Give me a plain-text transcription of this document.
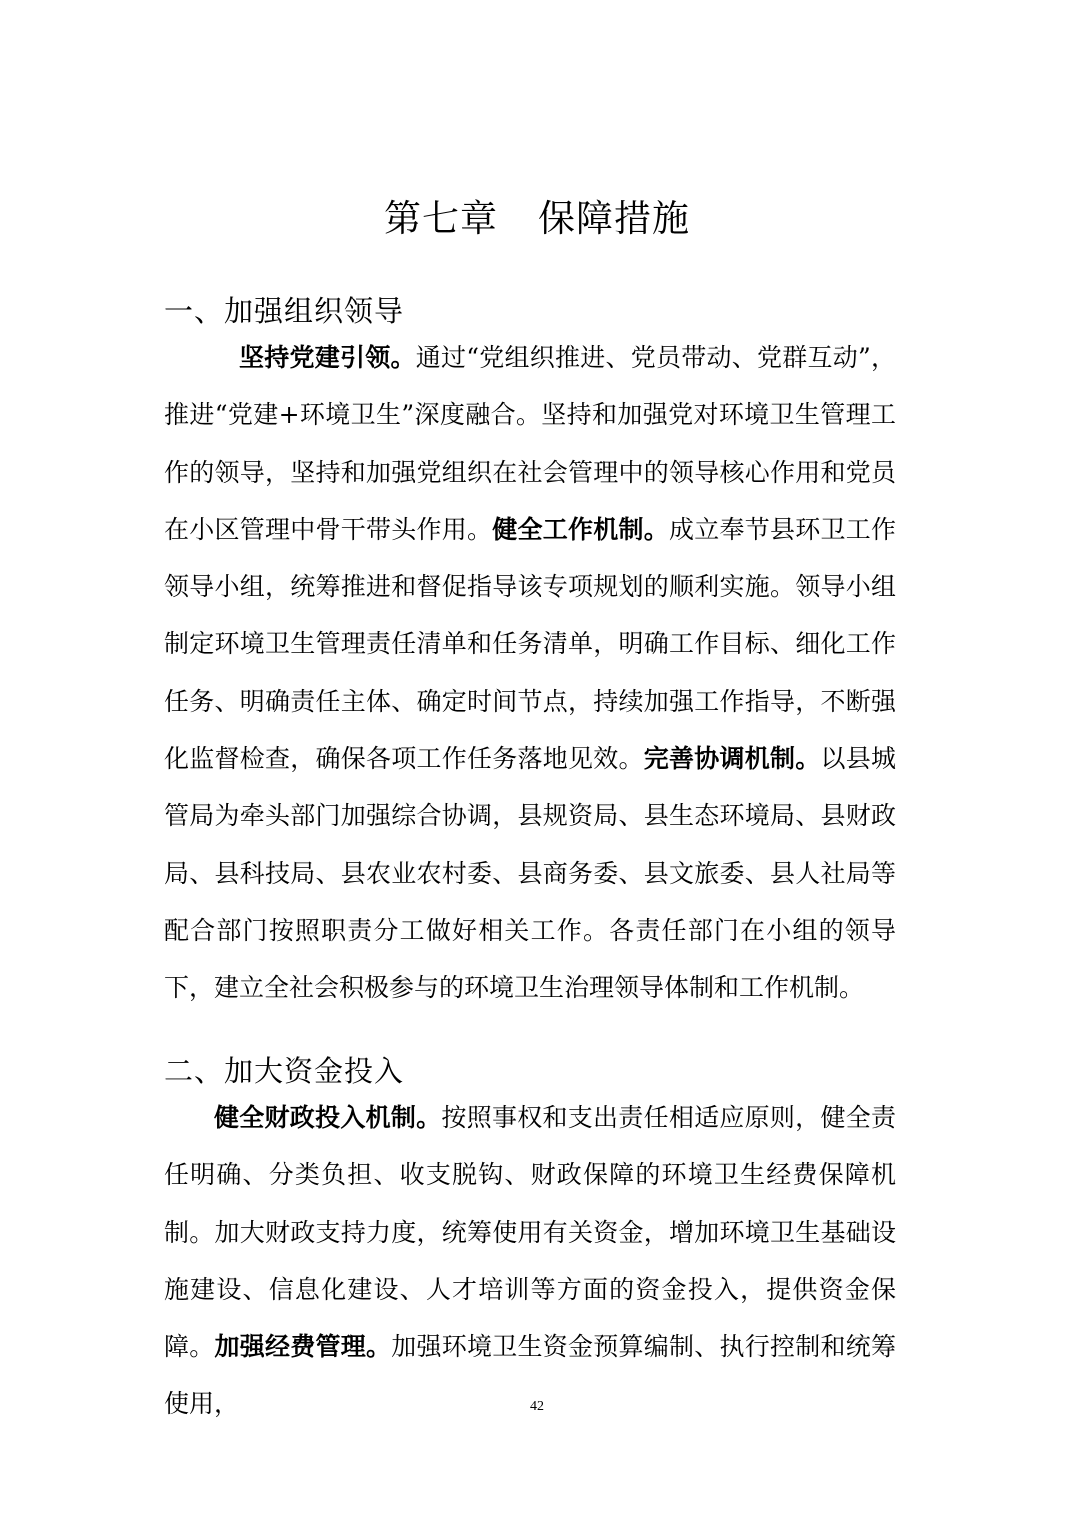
第七章 保障措施
一、加强组织领导

坚持党建引领。通过“党组织推进、党员带动、党群互动”，推进“党建+环境卫生”深度融合。坚持和加强党对环境卫生管理工作的领导，坚持和加强党组织在社会管理中的领导核心作用和党员在小区管理中骨干带头作用。健全工作机制。成立奉节县环卫工作领导小组，统筹推进和督促指导该专项规划的顺利实施。领导小组制定环境卫生管理责任清单和任务清单，明确工作目标、细化工作任务、明确责任主体、确定时间节点，持续加强工作指导，不断强化监督检查，确保各项工作任务落地见效。完善协调机制。以县城管局为牵头部门加强综合协调，县规资局、县生态环境局、县财政局、县科技局、县农业农村委、县商务委、县文旅委、县人社局等配合部门按照职责分工做好相关工作。各责任部门在小组的领导下，建立全社会积极参与的环境卫生治理领导体制和工作机制。

二、加大资金投入

健全财政投入机制。按照事权和支出责任相适应原则，健全责任明确、分类负担、收支脱钩、财政保障的环境卫生经费保障机制。加大财政支持力度，统筹使用有关资金，增加环境卫生基础设施建设、信息化建设、人才培训等方面的资金投入，提供资金保障。加强经费管理。加强环境卫生资金预算编制、执行控制和统筹使用，	42
